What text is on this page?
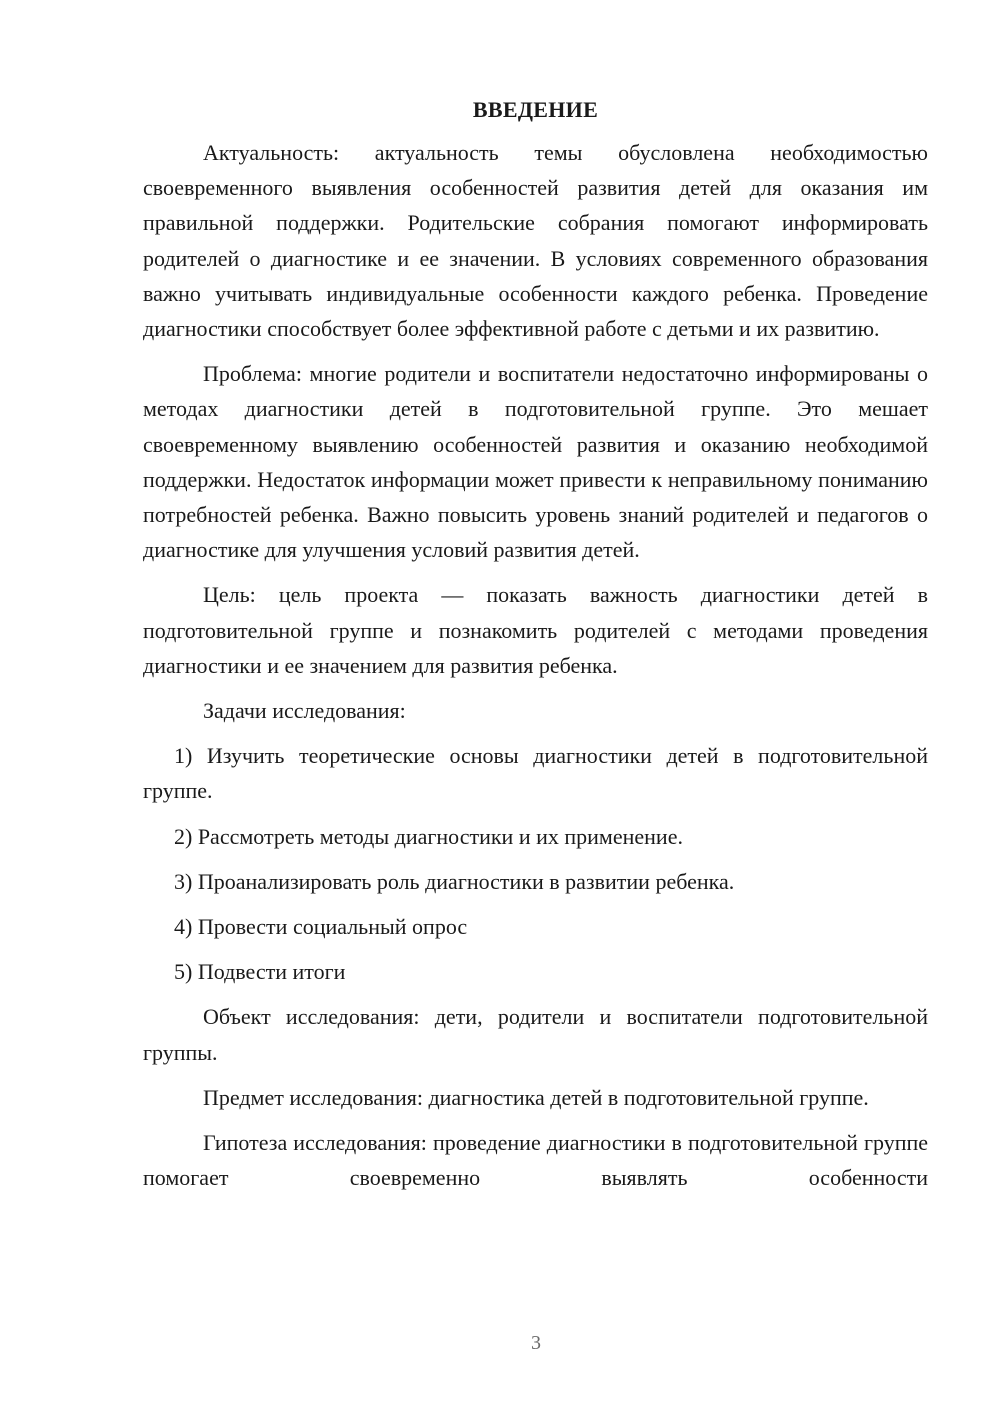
ВВЕДЕНИЕ

Актуальность: актуальность темы обусловлена необходимостью своевременного выявления особенностей развития детей для оказания им правильной поддержки. Родительские собрания помогают информировать родителей о диагностике и ее значении. В условиях современного образования важно учитывать индивидуальные особенности каждого ребенка. Проведение диагностики способствует более эффективной работе с детьми и их развитию.

Проблема: многие родители и воспитатели недостаточно информированы о методах диагностики детей в подготовительной группе. Это мешает своевременному выявлению особенностей развития и оказанию необходимой поддержки. Недостаток информации может привести к неправильному пониманию потребностей ребенка. Важно повысить уровень знаний родителей и педагогов о диагностике для улучшения условий развития детей.

Цель: цель проекта — показать важность диагностики детей в подготовительной группе и познакомить родителей с методами проведения диагностики и ее значением для развития ребенка.

Задачи исследования:

1) Изучить теоретические основы диагностики детей в подготовительной группе.

2) Рассмотреть методы диагностики и их применение.

3) Проанализировать роль диагностики в развитии ребенка.

4) Провести социальный опрос

5) Подвести итоги

Объект исследования: дети, родители и воспитатели подготовительной группы.

Предмет исследования: диагностика детей в подготовительной группе.

Гипотеза исследования: проведение диагностики в подготовительной группе помогает своевременно выявлять особенности

3
